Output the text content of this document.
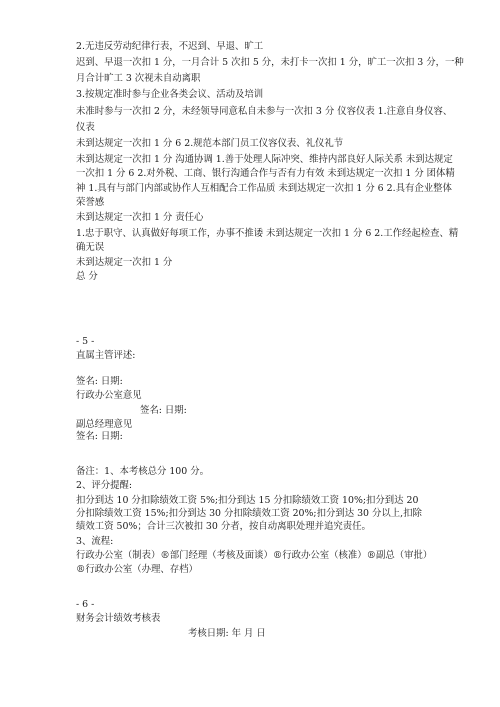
2.无违反劳动纪律行表，不迟到、早退、旷工
迟到、早退一次扣 1 分，一月合计 5 次扣 5 分，未打卡一次扣 1 分，旷工一次扣 3 分，一种
月合计旷工 3 次视未自动离职
3.按规定准时参与企业各类会议、活动及培训
未准时参与一次扣 2 分，未经领导同意私自未参与一次扣 3 分 仪容仪表 1.注意自身仪容、
仪表
未到达规定一次扣 1 分 6 2.规范本部门员工仪容仪表、礼仪礼节
未到达规定一次扣 1 分 沟通协调 1.善于处理人际冲突、维持内部良好人际关系 未到达规定
一次扣 1 分 6 2.对外税、工商、银行沟通合作与否有力有效 未到达规定一次扣 1 分 团体精
神 1.具有与部门内部或协作人互相配合工作品质 未到达规定一次扣 1 分 6 2.具有企业整体
荣誉感
未到达规定一次扣 1 分 责任心
1.忠于职守、认真做好每项工作，办事不推诿 未到达规定一次扣 1 分 6 2.工作经起检查、精
确无误
未到达规定一次扣 1 分
总 分
- 5 -
直属主管评述:
签名: 日期:
行政办公室意见
签名: 日期:
副总经理意见
签名: 日期:
备注：1、本考核总分 100 分。
2、评分提醒:
扣分到达 10 分扣除绩效工资 5%;扣分到达 15 分扣除绩效工资 10%;扣分到达 20 分扣除绩效工资 15%;扣分到达 30 分扣除绩效工资 20%;扣分到达 30 分以上,扣除绩效工资 50%；合计三次被扣 30 分者，按自动离职处理并追究责任。
3、流程:
行政办公室（制表）®部门经理（考核及面谈）®行政办公室（核准）®副总（审批）®行政办公室（办理、存档）
- 6 -
财务会计绩效考核表
考核日期: 年 月 日
